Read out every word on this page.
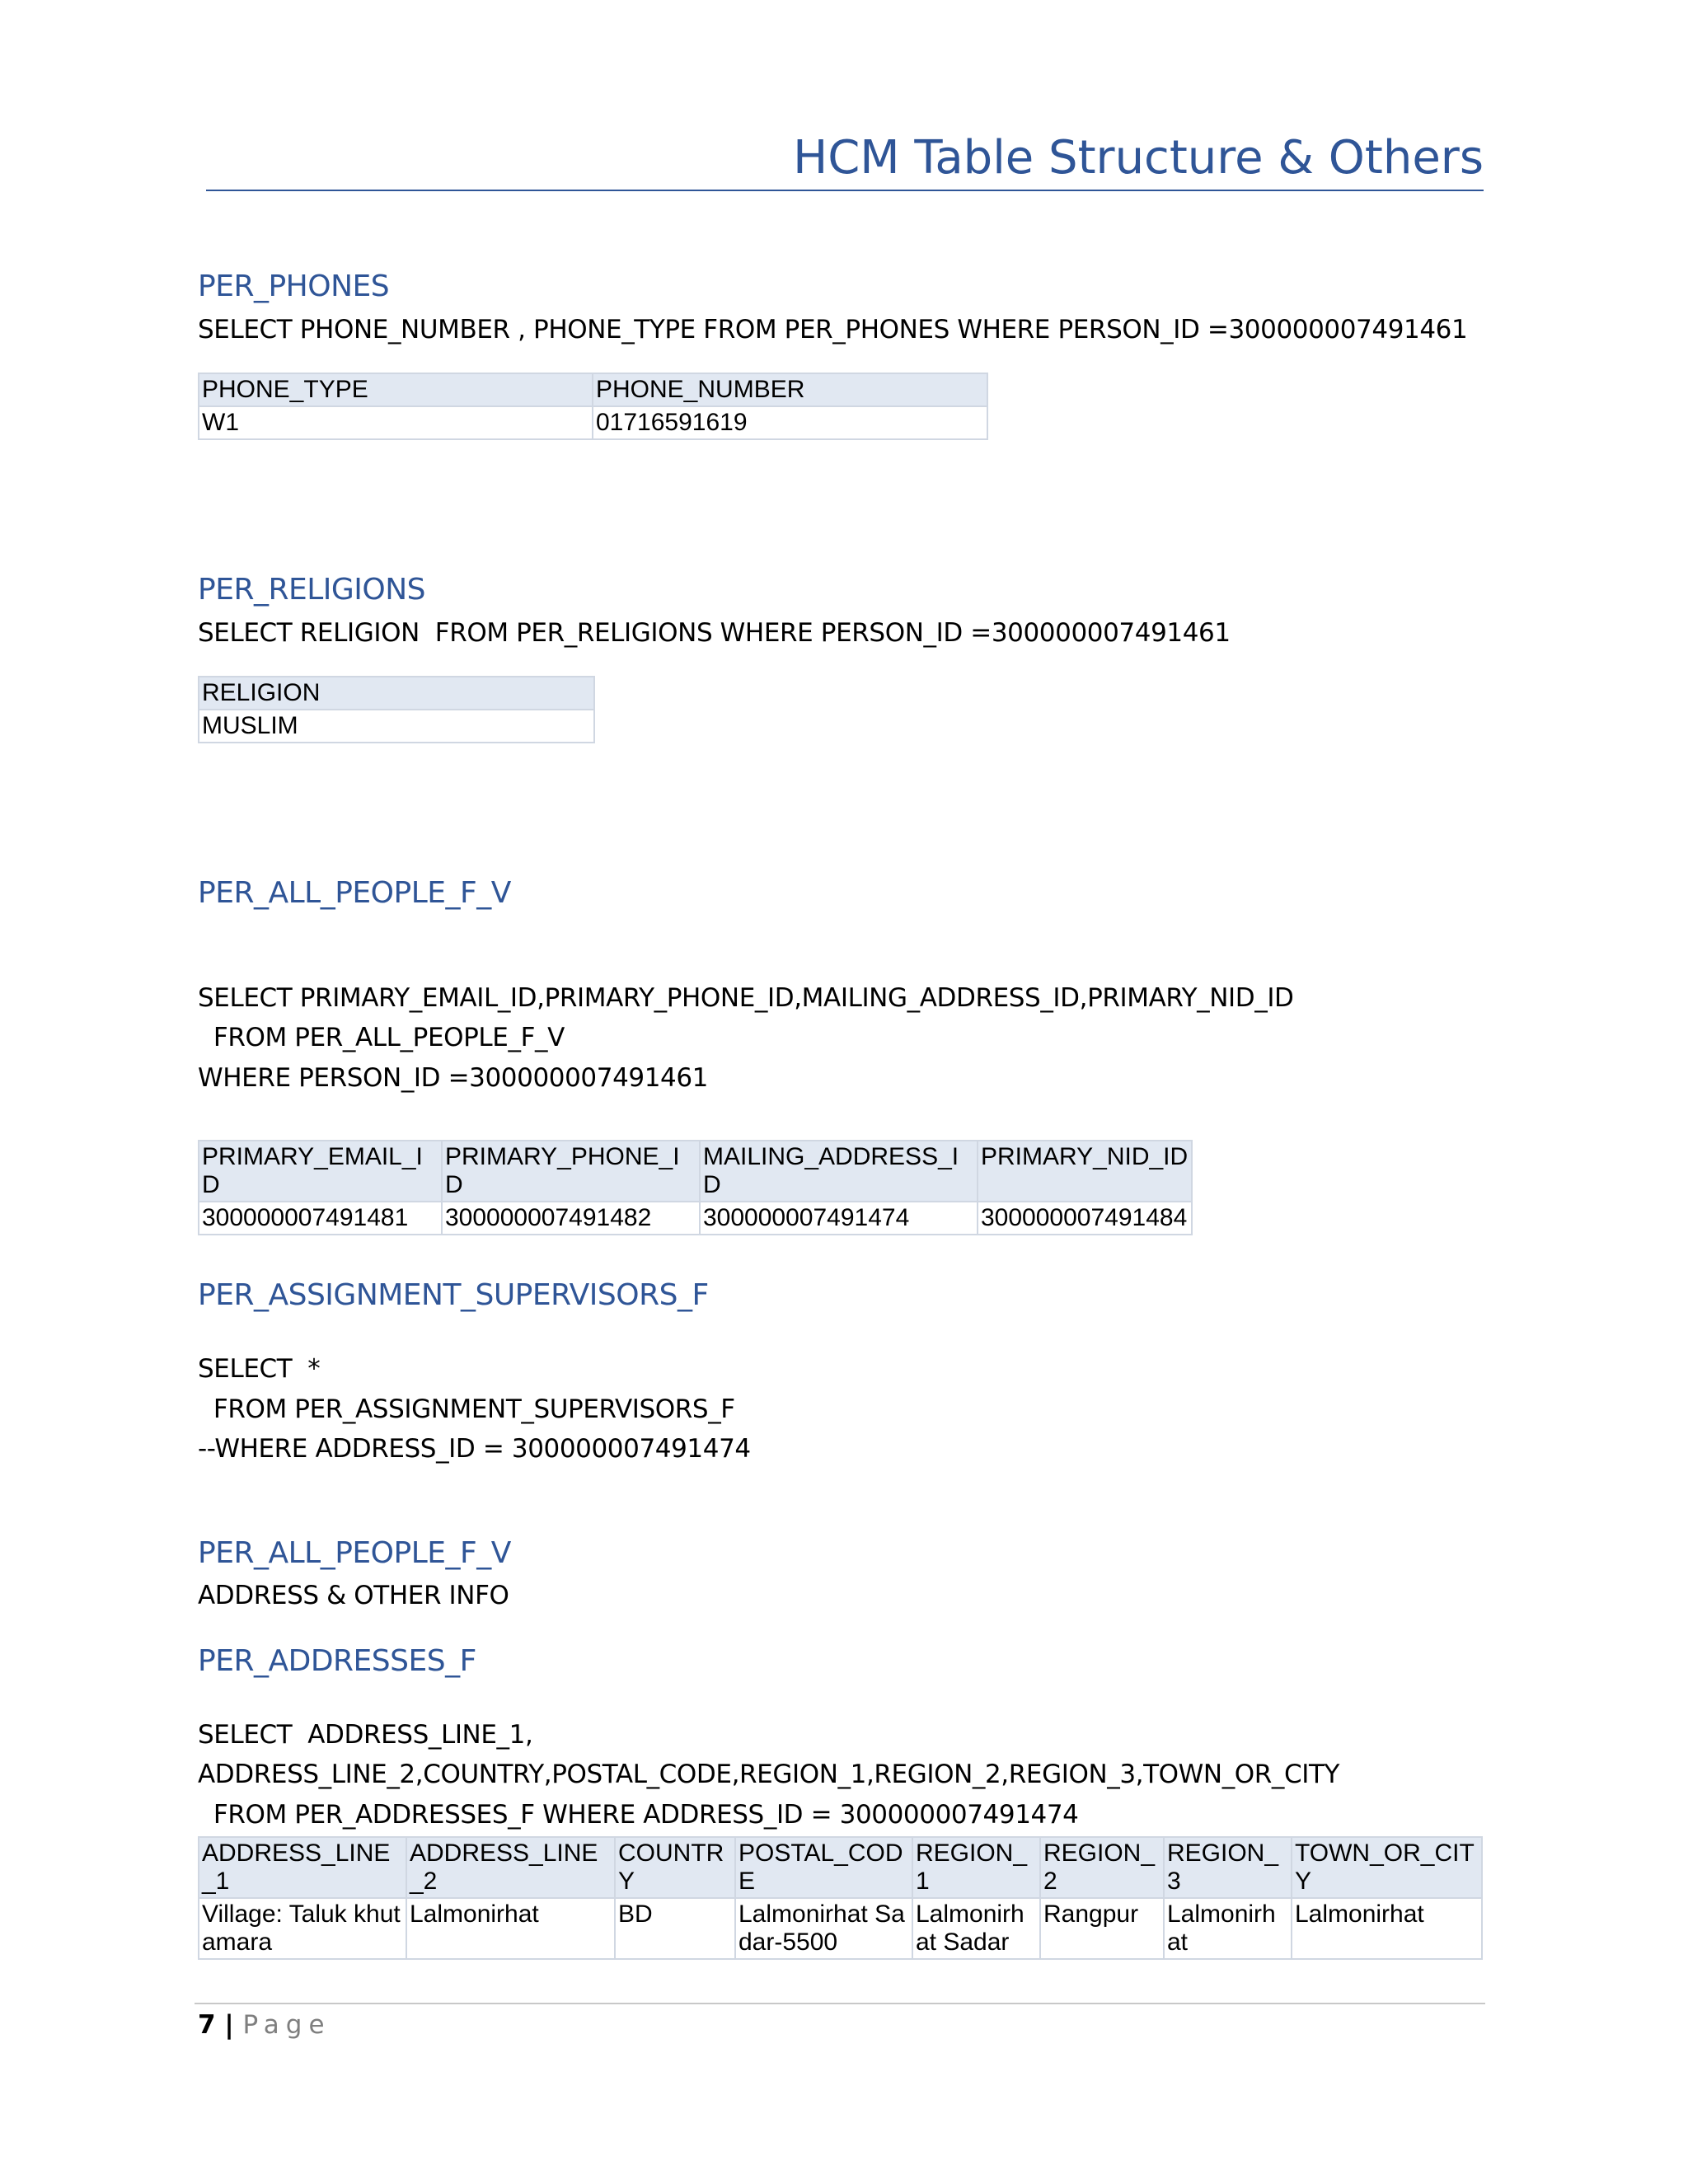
HCM Table Structure & Others
PER_PHONES
SELECT PHONE_NUMBER , PHONE_TYPE FROM PER_PHONES WHERE PERSON_ID =300000007491461
PHONE_TYPE	PHONE_NUMBER
W1	01716591619
PER_RELIGIONS
SELECT RELIGION  FROM PER_RELIGIONS WHERE PERSON_ID =300000007491461
RELIGION
MUSLIM
PER_ALL_PEOPLE_F_V
SELECT PRIMARY_EMAIL_ID,PRIMARY_PHONE_ID,MAILING_ADDRESS_ID,PRIMARY_NID_ID
FROM PER_ALL_PEOPLE_F_V
WHERE PERSON_ID =300000007491461
PRIMARY_EMAIL_ID	PRIMARY_PHONE_ID	MAILING_ADDRESS_ID	PRIMARY_NID_ID
300000007491481	300000007491482	300000007491474	300000007491484
PER_ASSIGNMENT_SUPERVISORS_F
SELECT  *
FROM PER_ASSIGNMENT_SUPERVISORS_F
--WHERE ADDRESS_ID = 300000007491474
PER_ALL_PEOPLE_F_V
ADDRESS & OTHER INFO
PER_ADDRESSES_F
SELECT  ADDRESS_LINE_1,
ADDRESS_LINE_2,COUNTRY,POSTAL_CODE,REGION_1,REGION_2,REGION_3,TOWN_OR_CITY
FROM PER_ADDRESSES_F WHERE ADDRESS_ID = 300000007491474
ADDRESS_LINE_1	ADDRESS_LINE_2	COUNTRY	POSTAL_CODE	REGION_1	REGION_2	REGION_3	TOWN_OR_CITY
Village: Taluk khutamara	Lalmonirhat	BD	Lalmonirhat Sadar-5500	Lalmonirhat Sadar	Rangpur	Lalmonirhat	Lalmonirhat
7 | Page
